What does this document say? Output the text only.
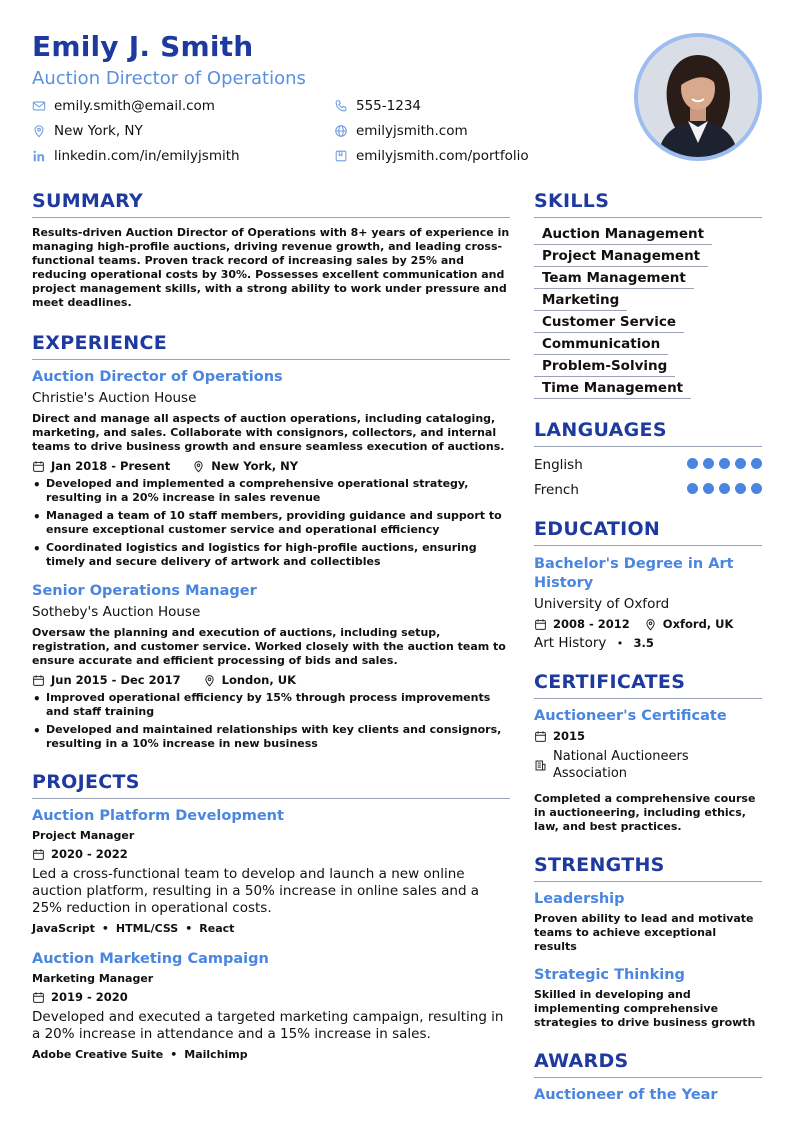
Emily J. Smith
Auction Director of Operations
emily.smith@email.com	555-1234
New York, NY	emilyjsmith.com
linkedin.com/in/emilyjsmith	emilyjsmith.com/portfolio
SUMMARY
Results-driven Auction Director of Operations with 8+ years of experience in managing high-profile auctions, driving revenue growth, and leading cross-functional teams. Proven track record of increasing sales by 25% and reducing operational costs by 30%. Possesses excellent communication and project management skills, with a strong ability to work under pressure and meet deadlines.
EXPERIENCE
Auction Director of Operations
Christie's Auction House
Direct and manage all aspects of auction operations, including cataloging, marketing, and sales. Collaborate with consignors, collectors, and internal teams to drive business growth and ensure seamless execution of auctions.
Jan 2018 - Present	New York, NY
• Developed and implemented a comprehensive operational strategy, resulting in a 20% increase in sales revenue
• Managed a team of 10 staff members, providing guidance and support to ensure exceptional customer service and operational efficiency
• Coordinated logistics and logistics for high-profile auctions, ensuring timely and secure delivery of artwork and collectibles
Senior Operations Manager
Sotheby's Auction House
Oversaw the planning and execution of auctions, including setup, registration, and customer service. Worked closely with the auction team to ensure accurate and efficient processing of bids and sales.
Jun 2015 - Dec 2017	London, UK
• Improved operational efficiency by 15% through process improvements and staff training
• Developed and maintained relationships with key clients and consignors, resulting in a 10% increase in new business
PROJECTS
Auction Platform Development
Project Manager
2020 - 2022
Led a cross-functional team to develop and launch a new online auction platform, resulting in a 50% increase in online sales and a 25% reduction in operational costs.
JavaScript • HTML/CSS • React
Auction Marketing Campaign
Marketing Manager
2019 - 2020
Developed and executed a targeted marketing campaign, resulting in a 20% increase in attendance and a 15% increase in sales.
Adobe Creative Suite • Mailchimp
SKILLS
Auction Management
Project Management
Team Management
Marketing
Customer Service
Communication
Problem-Solving
Time Management
LANGUAGES
English
French
EDUCATION
Bachelor's Degree in Art History
University of Oxford
2008 - 2012	Oxford, UK
Art History • 3.5
CERTIFICATES
Auctioneer's Certificate
2015
National Auctioneers Association
Completed a comprehensive course in auctioneering, including ethics, law, and best practices.
STRENGTHS
Leadership
Proven ability to lead and motivate teams to achieve exceptional results
Strategic Thinking
Skilled in developing and implementing comprehensive strategies to drive business growth
AWARDS
Auctioneer of the Year
